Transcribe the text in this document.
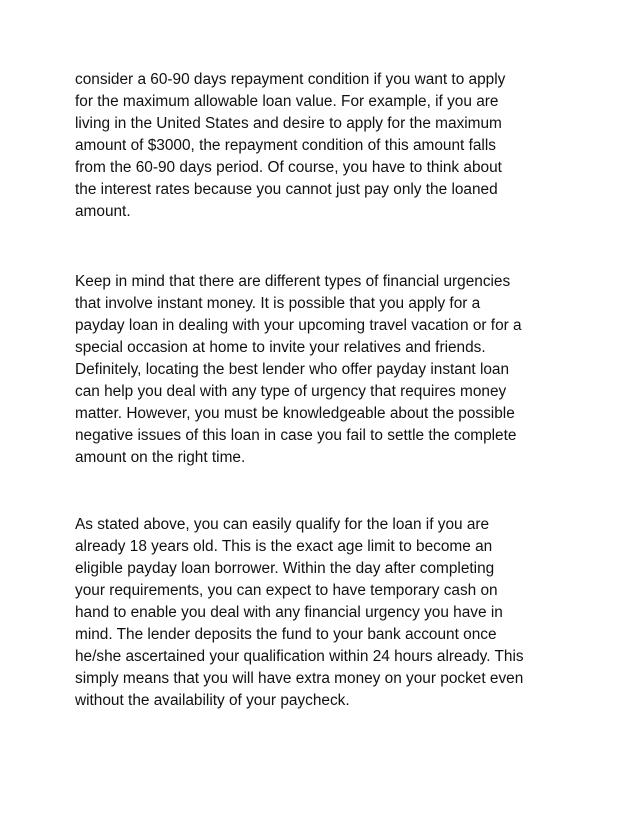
consider a 60-90 days repayment condition if you want to apply
for the maximum allowable loan value. For example, if you are
living in the United States and desire to apply for the maximum
amount of $3000, the repayment condition of this amount falls
from the 60-90 days period. Of course, you have to think about
the interest rates because you cannot just pay only the loaned
amount.

Keep in mind that there are different types of financial urgencies
that involve instant money. It is possible that you apply for a
payday loan in dealing with your upcoming travel vacation or for a
special occasion at home to invite your relatives and friends.
Definitely, locating the best lender who offer payday instant loan
can help you deal with any type of urgency that requires money
matter. However, you must be knowledgeable about the possible
negative issues of this loan in case you fail to settle the complete
amount on the right time.

As stated above, you can easily qualify for the loan if you are
already 18 years old. This is the exact age limit to become an
eligible payday loan borrower. Within the day after completing
your requirements, you can expect to have temporary cash on
hand to enable you deal with any financial urgency you have in
mind. The lender deposits the fund to your bank account once
he/she ascertained your qualification within 24 hours already. This
simply means that you will have extra money on your pocket even
without the availability of your paycheck.
